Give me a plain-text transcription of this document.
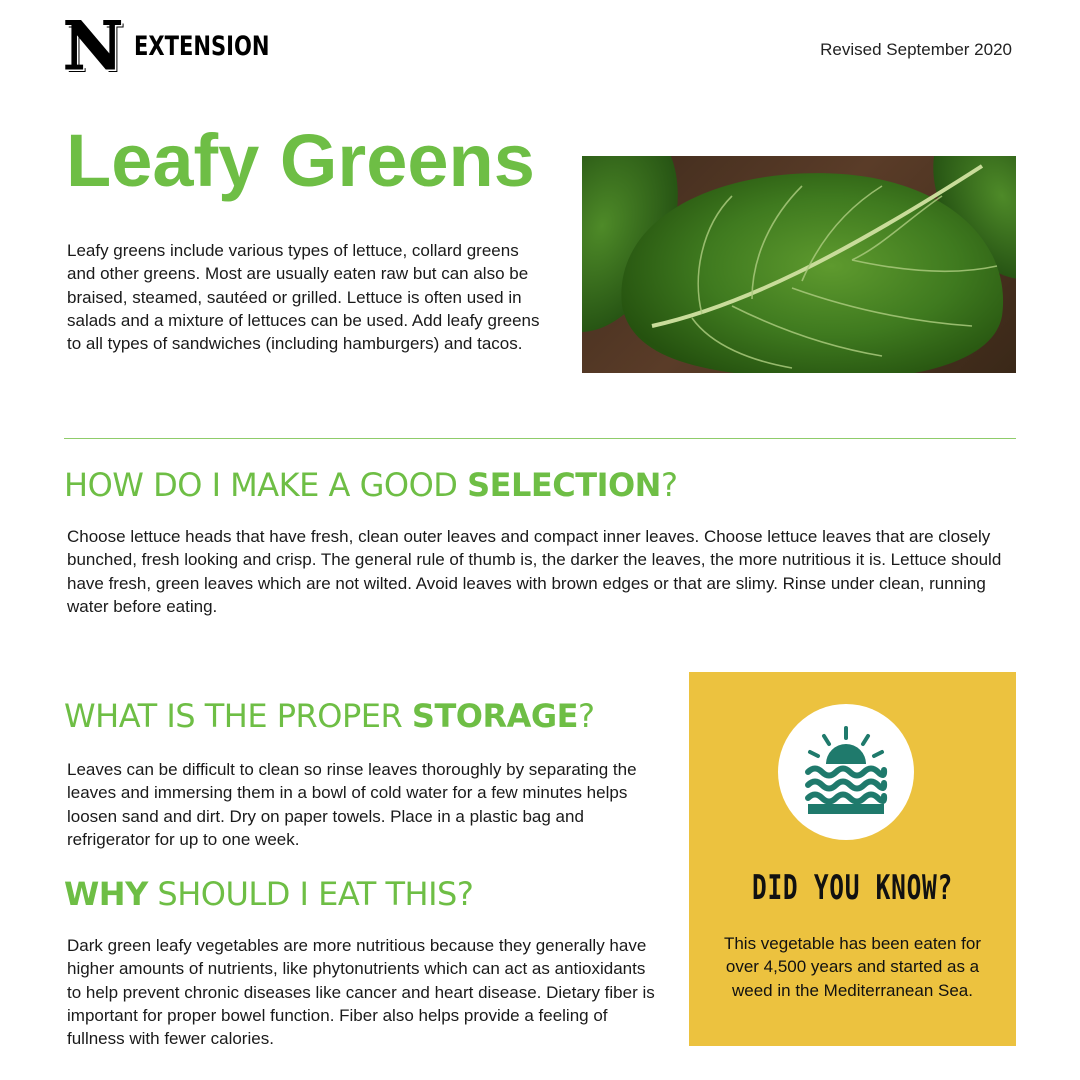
N EXTENSION	Revised September 2020
Leafy Greens

Leafy greens include various types of lettuce, collard greens and other greens. Most are usually eaten raw but can also be braised, steamed, sautéed or grilled. Lettuce is often used in salads and a mixture of lettuces can be used. Add leafy greens to all types of sandwiches (including hamburgers) and tacos.

HOW DO I MAKE A GOOD SELECTION?

Choose lettuce heads that have fresh, clean outer leaves and compact inner leaves. Choose lettuce leaves that are closely bunched, fresh looking and crisp. The general rule of thumb is, the darker the leaves, the more nutritious it is. Lettuce should have fresh, green leaves which are not wilted. Avoid leaves with brown edges or that are slimy. Rinse under clean, running water before eating.

WHAT IS THE PROPER STORAGE?

Leaves can be difficult to clean so rinse leaves thoroughly by separating the leaves and immersing them in a bowl of cold water for a few minutes helps loosen sand and dirt. Dry on paper towels. Place in a plastic bag and refrigerator for up to one week.

WHY SHOULD I EAT THIS?

Dark green leafy vegetables are more nutritious because they generally have higher amounts of nutrients, like phytonutrients which can act as antioxidants to help prevent chronic diseases like cancer and heart disease. Dietary fiber is important for proper bowel function. Fiber also helps provide a feeling of fullness with fewer calories.

DID YOU KNOW?

This vegetable has been eaten for over 4,500 years and started as a weed in the Mediterranean Sea.
